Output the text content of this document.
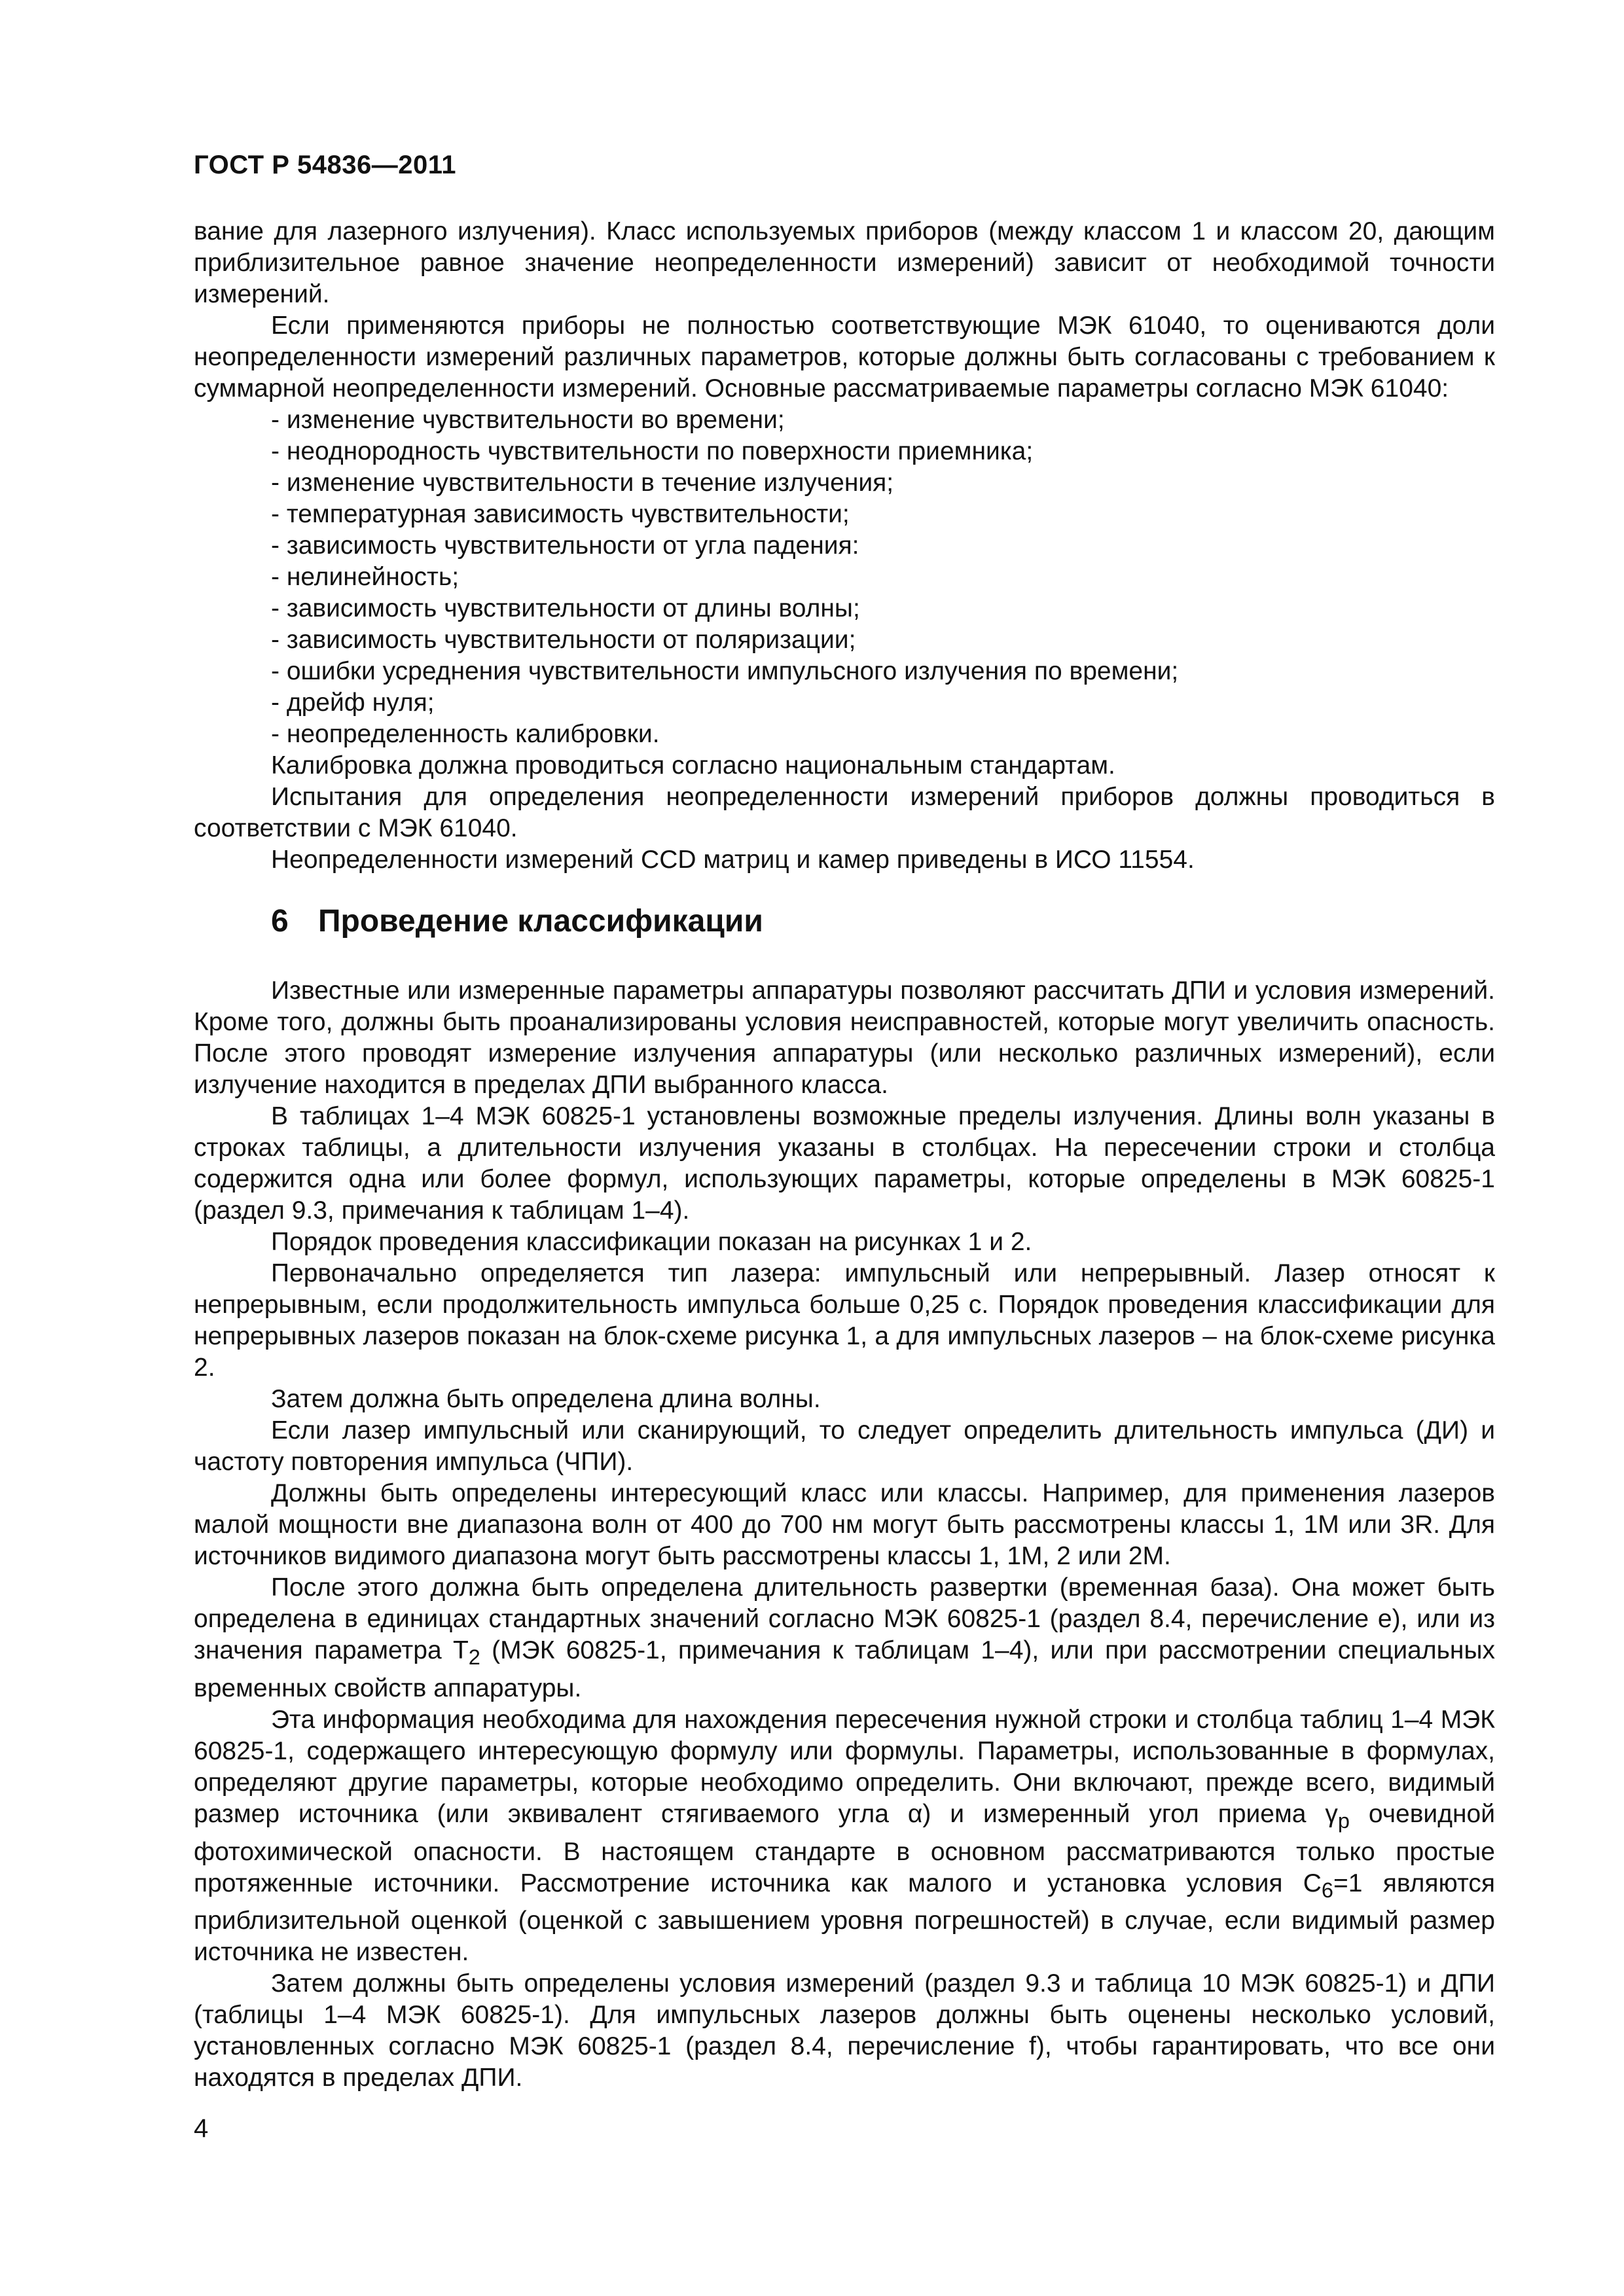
ГОСТ Р 54836—2011

вание для лазерного излучения). Класс используемых приборов (между классом 1 и классом 20, дающим приблизительное равное значение неопределенности измерений) зависит от необходимой точности измерений.

Если применяются приборы не полностью соответствующие МЭК 61040, то оцениваются доли неопределенности измерений различных параметров, которые должны быть согласованы с требованием к суммарной неопределенности измерений. Основные рассматриваемые параметры согласно МЭК 61040:

- изменение чувствительности во времени;
- неоднородность чувствительности по поверхности приемника;
- изменение чувствительности в течение излучения;
- температурная зависимость чувствительности;
- зависимость чувствительности от угла падения:
- нелинейность;
- зависимость чувствительности от длины волны;
- зависимость чувствительности от поляризации;
- ошибки усреднения чувствительности импульсного излучения по времени;
- дрейф нуля;
- неопределенность калибровки.

Калибровка должна проводиться согласно национальным стандартам.

Испытания для определения неопределенности измерений приборов должны проводиться в соответствии с МЭК 61040.

Неопределенности измерений CCD матриц и камер приведены в ИСО 11554.

6 Проведение классификации

Известные или измеренные параметры аппаратуры позволяют рассчитать ДПИ и условия измерений. Кроме того, должны быть проанализированы условия неисправностей, которые могут увеличить опасность. После этого проводят измерение излучения аппаратуры (или несколько различных измерений), если излучение находится в пределах ДПИ выбранного класса.

В таблицах 1–4 МЭК 60825-1 установлены возможные пределы излучения. Длины волн указаны в строках таблицы, а длительности излучения указаны в столбцах. На пересечении строки и столбца содержится одна или более формул, использующих параметры, которые определены в МЭК 60825-1 (раздел 9.3, примечания к таблицам 1–4).

Порядок проведения классификации показан на рисунках 1 и 2.

Первоначально определяется тип лазера: импульсный или непрерывный. Лазер относят к непрерывным, если продолжительность импульса больше 0,25 с. Порядок проведения классификации для непрерывных лазеров показан на блок-схеме рисунка 1, а для импульсных лазеров – на блок-схеме рисунка 2.

Затем должна быть определена длина волны.

Если лазер импульсный или сканирующий, то следует определить длительность импульса (ДИ) и частоту повторения импульса (ЧПИ).

Должны быть определены интересующий класс или классы. Например, для применения лазеров малой мощности вне диапазона волн от 400 до 700 нм могут быть рассмотрены классы 1, 1М или 3R. Для источников видимого диапазона могут быть рассмотрены классы 1, 1М, 2 или 2М.

После этого должна быть определена длительность развертки (временная база). Она может быть определена в единицах стандартных значений согласно МЭК 60825-1 (раздел 8.4, перечисление е), или из значения параметра $T_2$ (МЭК 60825-1, примечания к таблицам 1–4), или при рассмотрении специальных временных свойств аппаратуры.

Эта информация необходима для нахождения пересечения нужной строки и столбца таблиц 1–4 МЭК 60825-1, содержащего интересующую формулу или формулы. Параметры, использованные в формулах, определяют другие параметры, которые необходимо определить. Они включают, прежде всего, видимый размер источника (или эквивалент стягиваемого угла α) и измеренный угол приема $\gamma_p$ очевидной фотохимической опасности. В настоящем стандарте в основном рассматриваются только простые протяженные источники. Рассмотрение источника как малого и установка условия $C_6=1$ являются приблизительной оценкой (оценкой с завышением уровня погрешностей) в случае, если видимый размер источника не известен.

Затем должны быть определены условия измерений (раздел 9.3 и таблица 10 МЭК 60825-1) и ДПИ (таблицы 1–4 МЭК 60825-1). Для импульсных лазеров должны быть оценены несколько условий, установленных согласно МЭК 60825-1 (раздел 8.4, перечисление f), чтобы гарантировать, что все они находятся в пределах ДПИ.

4
